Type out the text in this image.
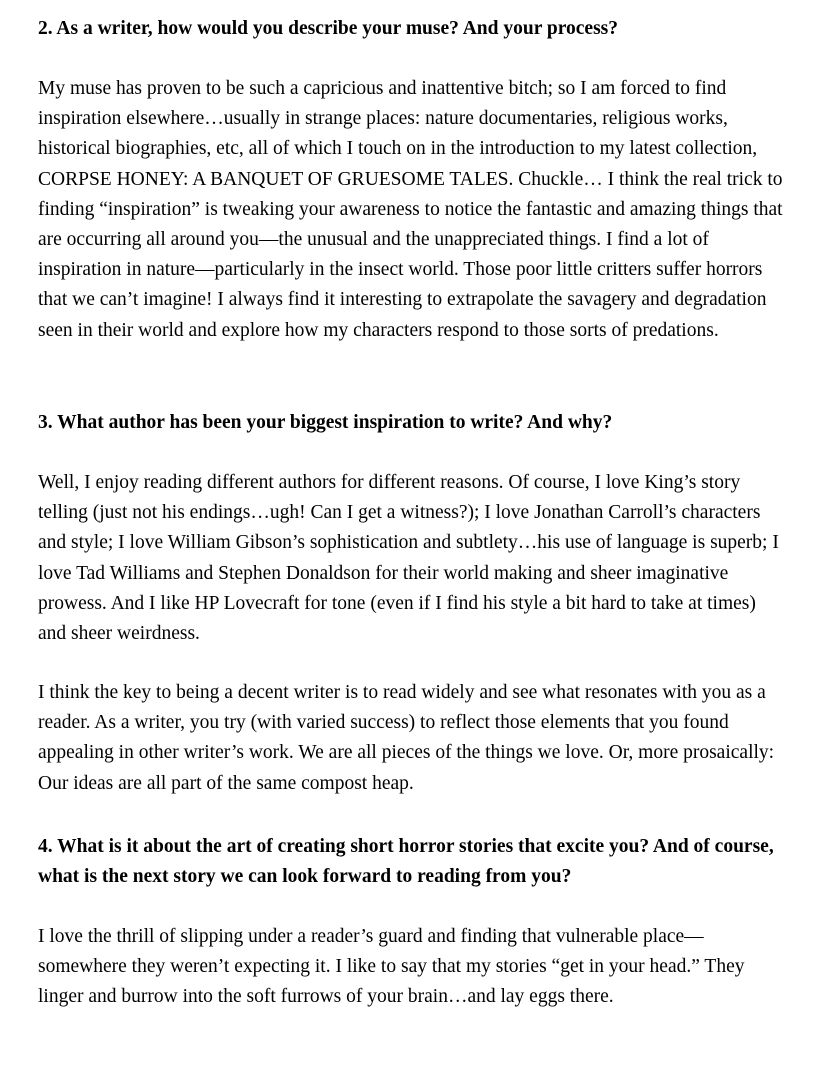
2. As a writer, how would you describe your muse? And your process?

My muse has proven to be such a capricious and inattentive bitch; so I am forced to find inspiration elsewhere…usually in strange places: nature documentaries, religious works, historical biographies, etc, all of which I touch on in the introduction to my latest collection, CORPSE HONEY: A BANQUET OF GRUESOME TALES. Chuckle… I think the real trick to finding “inspiration” is tweaking your awareness to notice the fantastic and amazing things that are occurring all around you—the unusual and the unappreciated things. I find a lot of inspiration in nature—particularly in the insect world. Those poor little critters suffer horrors that we can’t imagine! I always find it interesting to extrapolate the savagery and degradation seen in their world and explore how my characters respond to those sorts of predations.

3. What author has been your biggest inspiration to write? And why?

Well, I enjoy reading different authors for different reasons. Of course, I love King’s story telling (just not his endings…ugh! Can I get a witness?); I love Jonathan Carroll’s characters and style; I love William Gibson’s sophistication and subtlety…his use of language is superb; I love Tad Williams and Stephen Donaldson for their world making and sheer imaginative prowess. And I like HP Lovecraft for tone (even if I find his style a bit hard to take at times) and sheer weirdness.

I think the key to being a decent writer is to read widely and see what resonates with you as a reader. As a writer, you try (with varied success) to reflect those elements that you found appealing in other writer’s work. We are all pieces of the things we love. Or, more prosaically: Our ideas are all part of the same compost heap.

4. What is it about the art of creating short horror stories that excite you? And of course, what is the next story we can look forward to reading from you?

I love the thrill of slipping under a reader’s guard and finding that vulnerable place—somewhere they weren’t expecting it. I like to say that my stories “get in your head.” They linger and burrow into the soft furrows of your brain…and lay eggs there.
